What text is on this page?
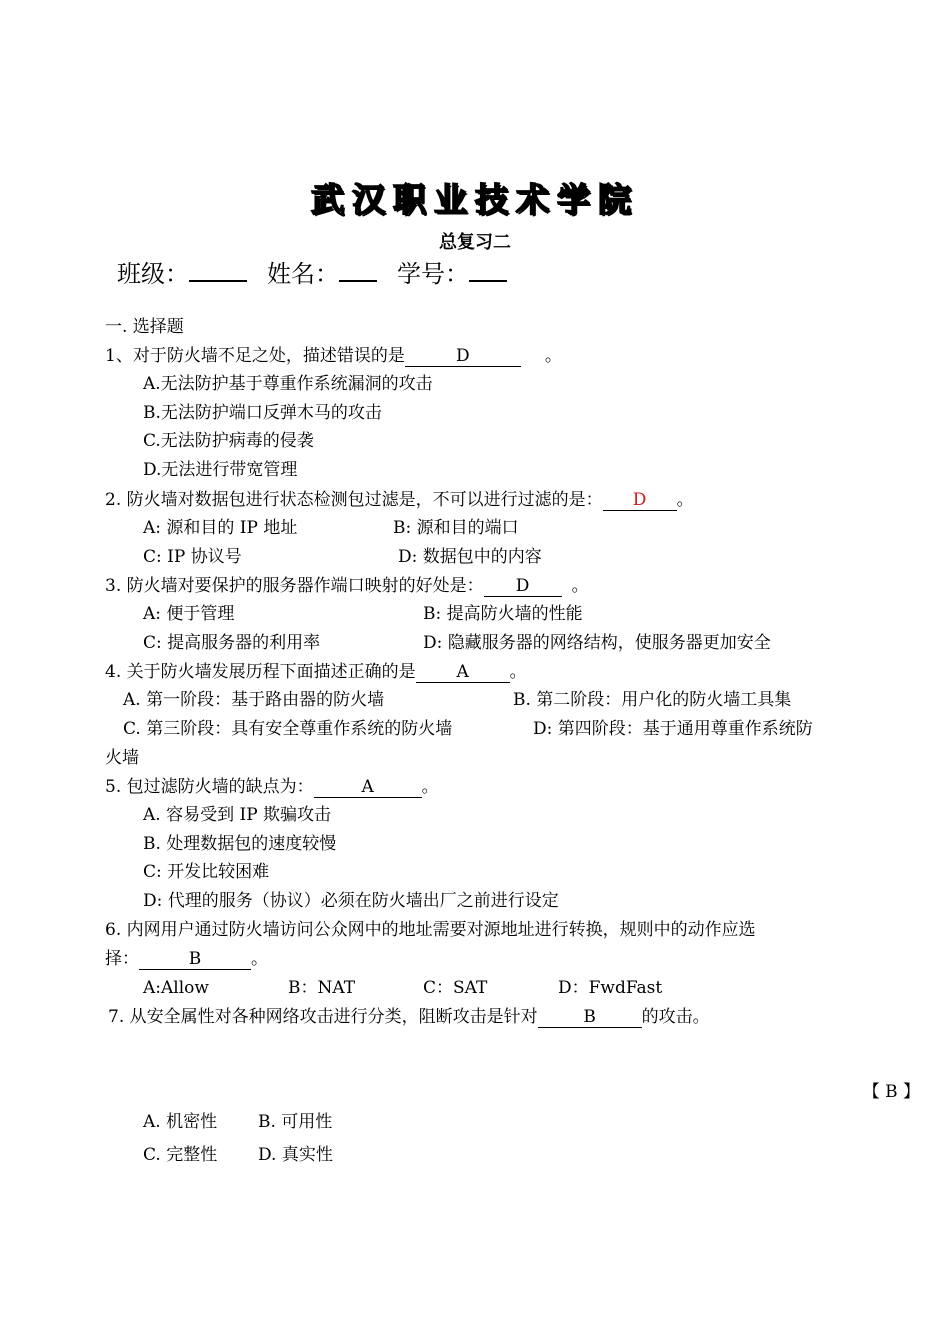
武汉职业技术学院
总复习二
班级：	姓名： 学号：
一. 选择题
1、对于防火墙不足之处，描述错误的是	D	。
A.无法防护基于尊重作系统漏洞的攻击
B.无法防护端口反弹木马的攻击
C.无法防护病毒的侵袭
D.无法进行带宽管理
2. 防火墙对数据包进行状态检测包过滤是，不可以进行过滤的是： D 。
A: 源和目的 IP 地址	B: 源和目的端口
C: IP 协议号	D: 数据包中的内容
3. 防火墙对要保护的服务器作端口映射的好处是： D 。
A: 便于管理	B: 提高防火墙的性能
C: 提高服务器的利用率	D: 隐藏服务器的网络结构，使服务器更加安全
4. 关于防火墙发展历程下面描述正确的是 A 。
A. 第一阶段：基于路由器的防火墙	B. 第二阶段：用户化的防火墙工具集
C. 第三阶段：具有安全尊重作系统的防火墙	D: 第四阶段：基于通用尊重作系统防
火墙
5. 包过滤防火墙的缺点为：	A	。
A. 容易受到 IP 欺骗攻击
B. 处理数据包的速度较慢
C: 开发比较困难
D: 代理的服务（协议）必须在防火墙出厂之前进行设定
6. 内网用户通过防火墙访问公众网中的地址需要对源地址进行转换，规则中的动作应选
择：	B	。
A:Allow	B：NAT	C：SAT	D：FwdFast
7. 从安全属性对各种网络攻击进行分类，阻断攻击是针对	B	的攻击。
【 B 】
A. 机密性 B. 可用性
C. 完整性 D. 真实性
